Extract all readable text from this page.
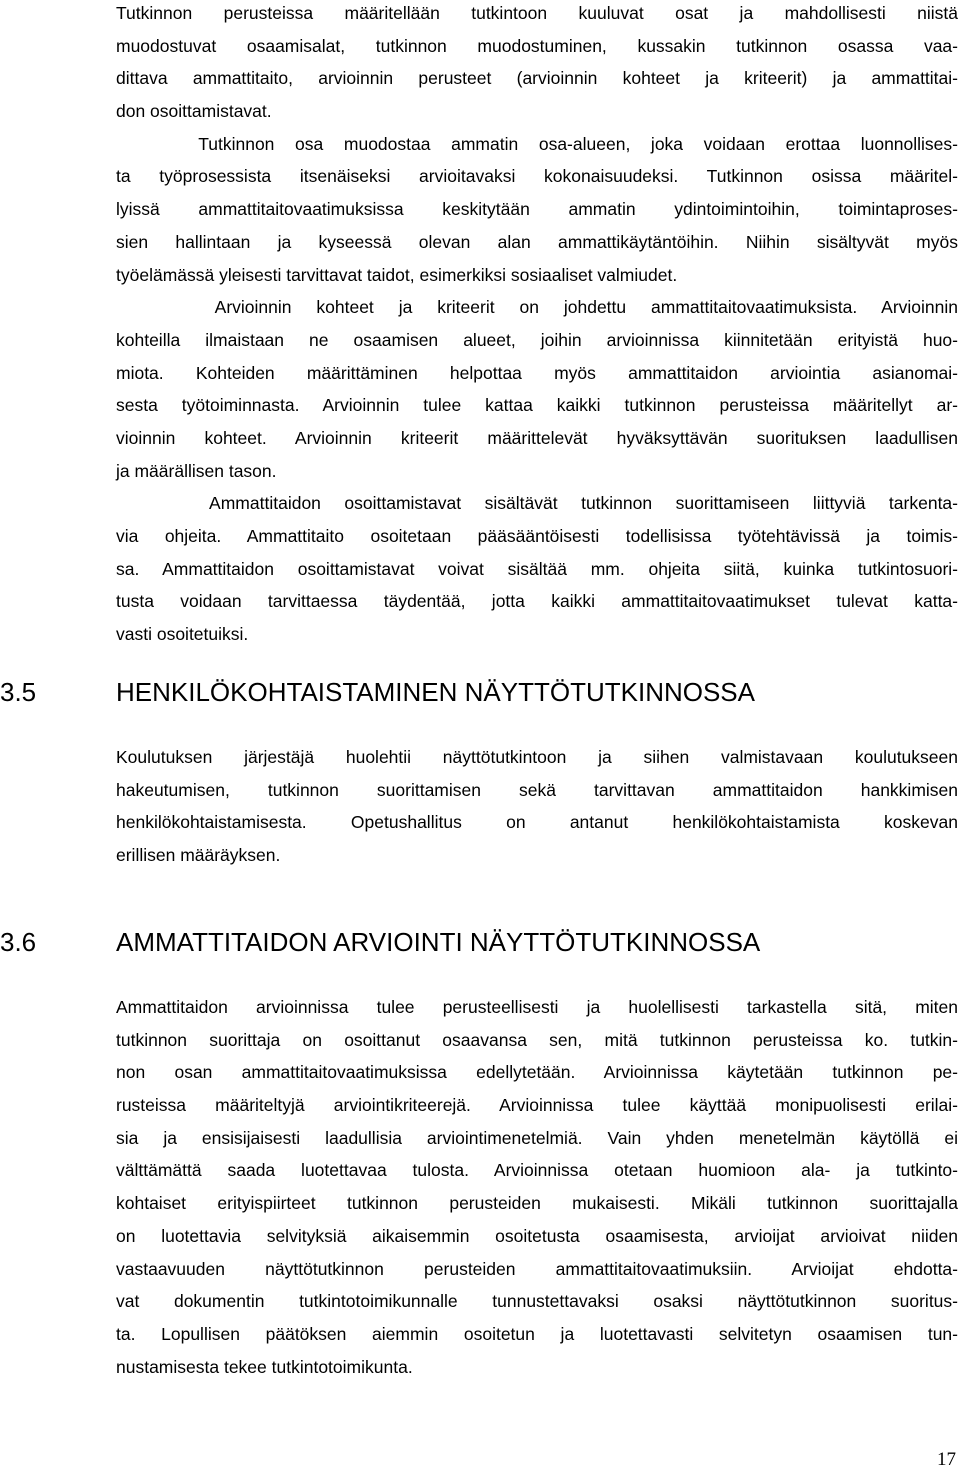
Tutkinnon perusteissa määritellään tutkintoon kuuluvat osat ja mahdollisesti niistä
muodostuvat osaamisalat, tutkinnon muodostuminen, kussakin tutkinnon osassa vaa-
dittava ammattitaito, arvioinnin perusteet (arvioinnin kohteet ja kriteerit) ja ammattitai-
don osoittamistavat.
Tutkinnon osa muodostaa ammatin osa-alueen, joka voidaan erottaa luonnollises-
ta työprosessista itsenäiseksi arvioitavaksi kokonaisuudeksi. Tutkinnon osissa määritel-
lyissä ammattitaitovaatimuksissa keskitytään ammatin ydintoimintoihin, toimintaproses-
sien hallintaan ja kyseessä olevan alan ammattikäytäntöihin. Niihin sisältyvät myös
työelämässä yleisesti tarvittavat taidot, esimerkiksi sosiaaliset valmiudet.
Arvioinnin kohteet ja kriteerit on johdettu ammattitaitovaatimuksista. Arvioinnin
kohteilla ilmaistaan ne osaamisen alueet, joihin arvioinnissa kiinnitetään erityistä huo-
miota. Kohteiden määrittäminen helpottaa myös ammattitaidon arviointia asianomai-
sesta työtoiminnasta. Arvioinnin tulee kattaa kaikki tutkinnon perusteissa määritellyt ar-
vioinnin kohteet. Arvioinnin kriteerit määrittelevät hyväksyttävän suorituksen laadullisen
ja määrällisen tason.
Ammattitaidon osoittamistavat sisältävät tutkinnon suorittamiseen liittyviä tarkenta-
via ohjeita. Ammattitaito osoitetaan pääsääntöisesti todellisissa työtehtävissä ja toimis-
sa. Ammattitaidon osoittamistavat voivat sisältää mm. ohjeita siitä, kuinka tutkintosuori-
tusta voidaan tarvittaessa täydentää, jotta kaikki ammattitaitovaatimukset tulevat katta-
vasti osoitetuiksi.
3.5	HENKILÖKOHTAISTAMINEN NÄYTTÖTUTKINNOSSA
Koulutuksen järjestäjä huolehtii näyttötutkintoon ja siihen valmistavaan koulutukseen
hakeutumisen, tutkinnon suorittamisen sekä tarvittavan ammattitaidon hankkimisen
henkilökohtaistamisesta. Opetushallitus on antanut henkilökohtaistamista koskevan
erillisen määräyksen.
3.6	AMMATTITAIDON ARVIOINTI NÄYTTÖTUTKINNOSSA
Ammattitaidon arvioinnissa tulee perusteellisesti ja huolellisesti tarkastella sitä, miten
tutkinnon suorittaja on osoittanut osaavansa sen, mitä tutkinnon perusteissa ko. tutkin-
non osan ammattitaitovaatimuksissa edellytetään. Arvioinnissa käytetään tutkinnon pe-
rusteissa määriteltyjä arviointikriteerejä. Arvioinnissa tulee käyttää monipuolisesti erilai-
sia ja ensisijaisesti laadullisia arviointimenetelmiä. Vain yhden menetelmän käytöllä ei
välttämättä saada luotettavaa tulosta. Arvioinnissa otetaan huomioon ala- ja tutkinto-
kohtaiset erityispiirteet tutkinnon perusteiden mukaisesti. Mikäli tutkinnon suorittajalla
on luotettavia selvityksiä aikaisemmin osoitetusta osaamisesta, arvioijat arvioivat niiden
vastaavuuden näyttötutkinnon perusteiden ammattitaitovaatimuksiin. Arvioijat ehdotta-
vat dokumentin tutkintotoimikunnalle tunnustettavaksi osaksi näyttötutkinnon suoritus-
ta. Lopullisen päätöksen aiemmin osoitetun ja luotettavasti selvitetyn osaamisen tun-
nustamisesta tekee tutkintotoimikunta.
17
